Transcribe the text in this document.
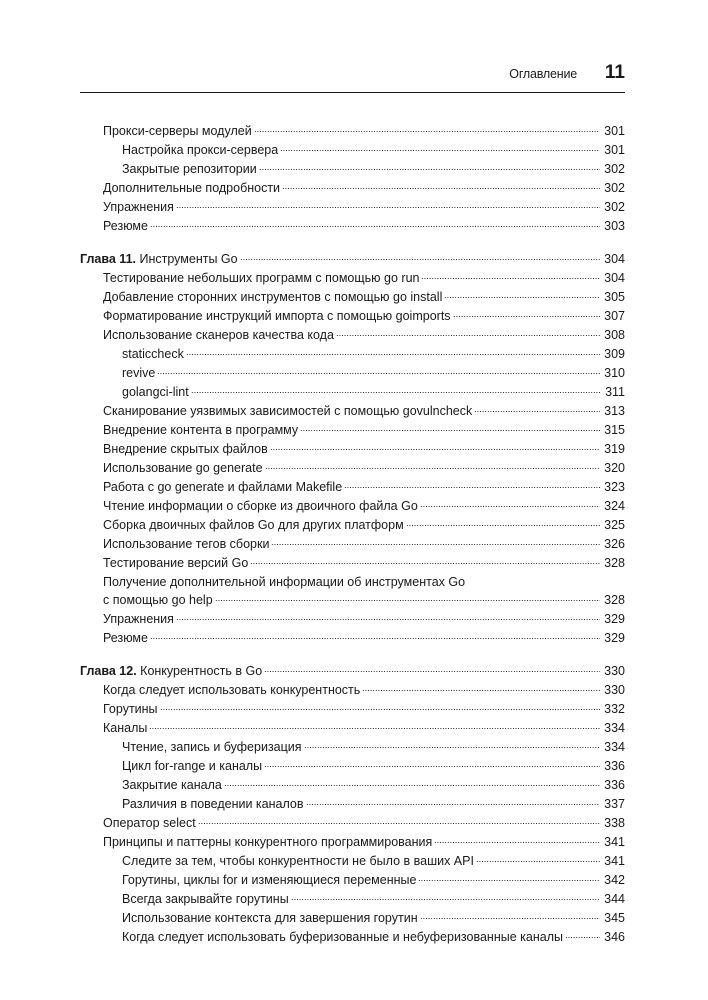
Оглавление 11
Прокси-серверы модулей	301
Настройка прокси-сервера	301
Закрытые репозитории	302
Дополнительные подробности	302
Упражнения	302
Резюме	303
Глава 11. Инструменты Go	304
Тестирование небольших программ с помощью go run	304
Добавление сторонних инструментов с помощью go install	305
Форматирование инструкций импорта с помощью goimports	307
Использование сканеров качества кода	308
staticcheck	309
revive	310
golangci-lint	311
Сканирование уязвимых зависимостей с помощью govulncheck	313
Внедрение контента в программу	315
Внедрение скрытых файлов	319
Использование go generate	320
Работа с go generate и файлами Makefile	323
Чтение информации о сборке из двоичного файла Go	324
Сборка двоичных файлов Go для других платформ	325
Использование тегов сборки	326
Тестирование версий Go	328
Получение дополнительной информации об инструментах Go
с помощью go help	328
Упражнения	329
Резюме	329
Глава 12. Конкурентность в Go	330
Когда следует использовать конкурентность	330
Горутины	332
Каналы	334
Чтение, запись и буферизация	334
Цикл for-range и каналы	336
Закрытие канала	336
Различия в поведении каналов	337
Оператор select	338
Принципы и паттерны конкурентного программирования	341
Следите за тем, чтобы конкурентности не было в ваших API	341
Горутины, циклы for и изменяющиеся переменные	342
Всегда закрывайте горутины	344
Использование контекста для завершения горутин	345
Когда следует использовать буферизованные и небуферизованные каналы	346
